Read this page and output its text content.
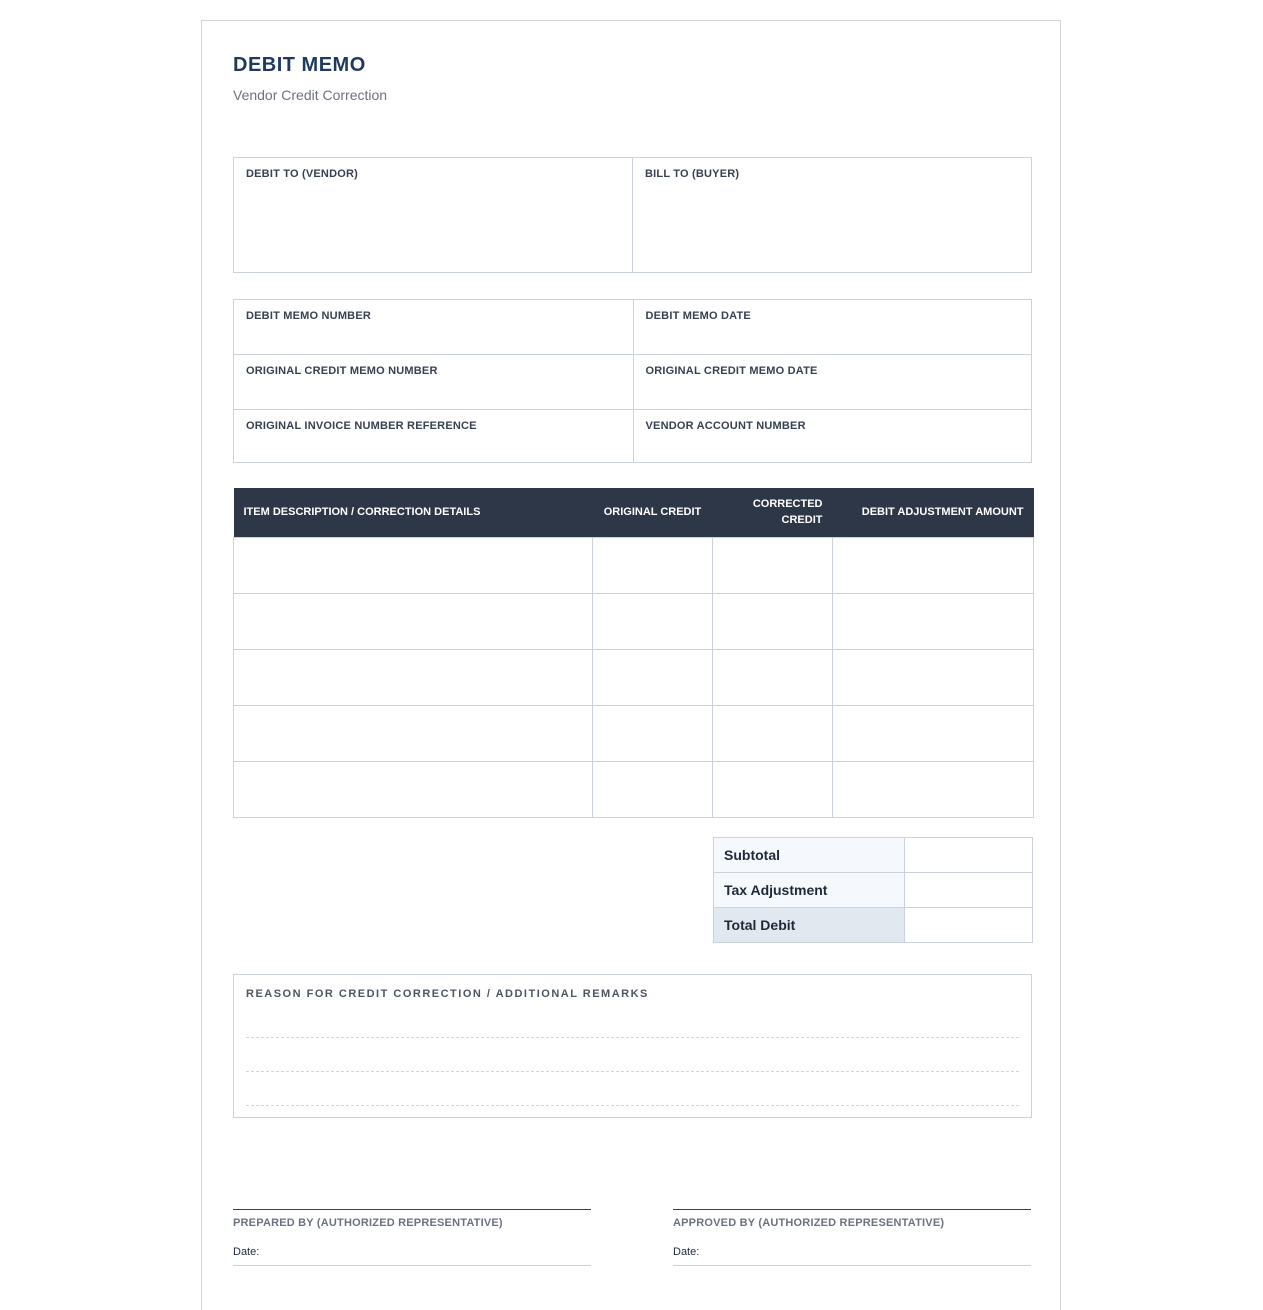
DEBIT MEMO
Vendor Credit Correction
DEBIT TO (VENDOR)	BILL TO (BUYER)
DEBIT MEMO NUMBER	DEBIT MEMO DATE
ORIGINAL CREDIT MEMO NUMBER	ORIGINAL CREDIT MEMO DATE
ORIGINAL INVOICE NUMBER REFERENCE	VENDOR ACCOUNT NUMBER
ITEM DESCRIPTION / CORRECTION DETAILS	ORIGINAL CREDIT	CORRECTED CREDIT	DEBIT ADJUSTMENT AMOUNT

Subtotal	
Tax Adjustment	
Total Debit	
REASON FOR CREDIT CORRECTION / ADDITIONAL REMARKS
PREPARED BY (AUTHORIZED REPRESENTATIVE)
Date:
APPROVED BY (AUTHORIZED REPRESENTATIVE)
Date:
